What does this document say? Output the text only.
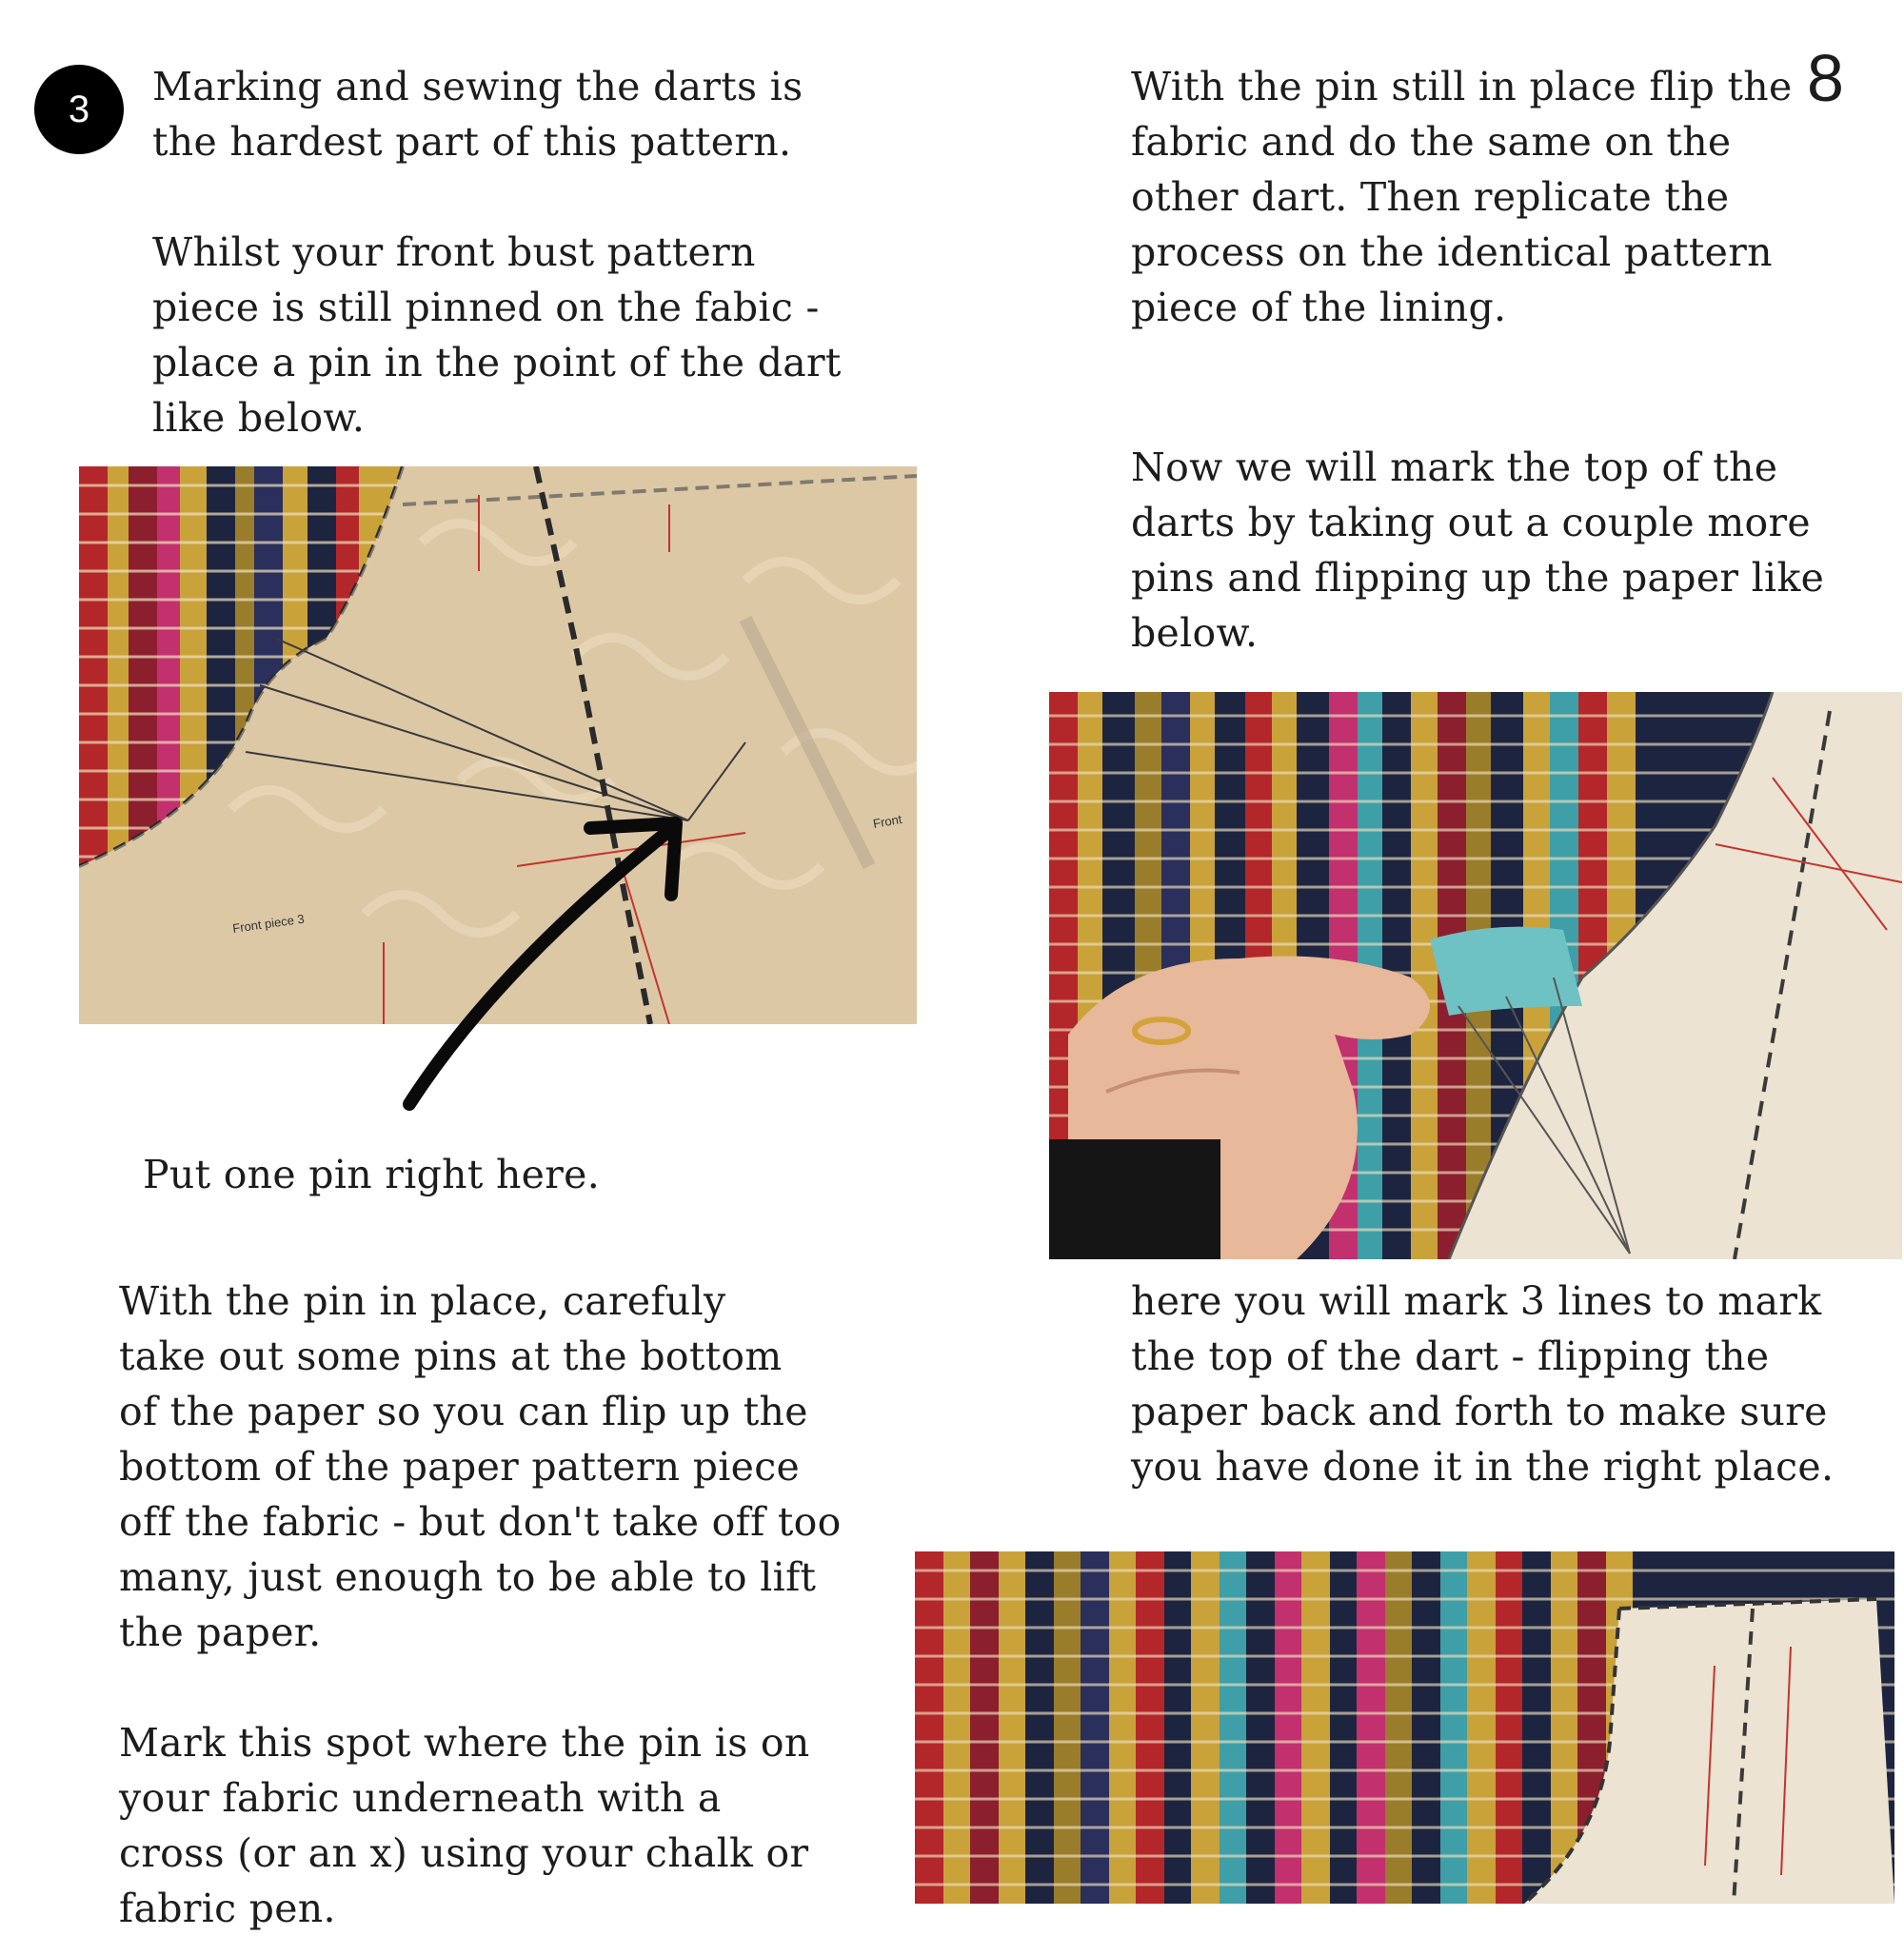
3	8

Marking and sewing the darts is

the hardest part of this pattern.

Whilst your front bust pattern

piece is still pinned on the fabic -

place a pin in the point of the dart

like below.

Front piece 3
Front

Put one pin right here.

With the pin in place, carefuly

take out some pins at the bottom

of the paper so you can flip up the

bottom of the paper pattern piece

off the fabric - but don't take off too

many, just enough to be able to lift

the paper.

Mark this spot where the pin is on

your fabric underneath with a

cross (or an x) using your chalk or

fabric pen.

With the pin still in place flip the

fabric and do the same on the

other dart. Then replicate the

process on the identical pattern

piece of the lining.

Now we will mark the top of the

darts by taking out a couple more

pins and flipping up the paper like

below.

here you will mark 3 lines to mark

the top of the dart - flipping the

paper back and forth to make sure

you have done it in the right place.
